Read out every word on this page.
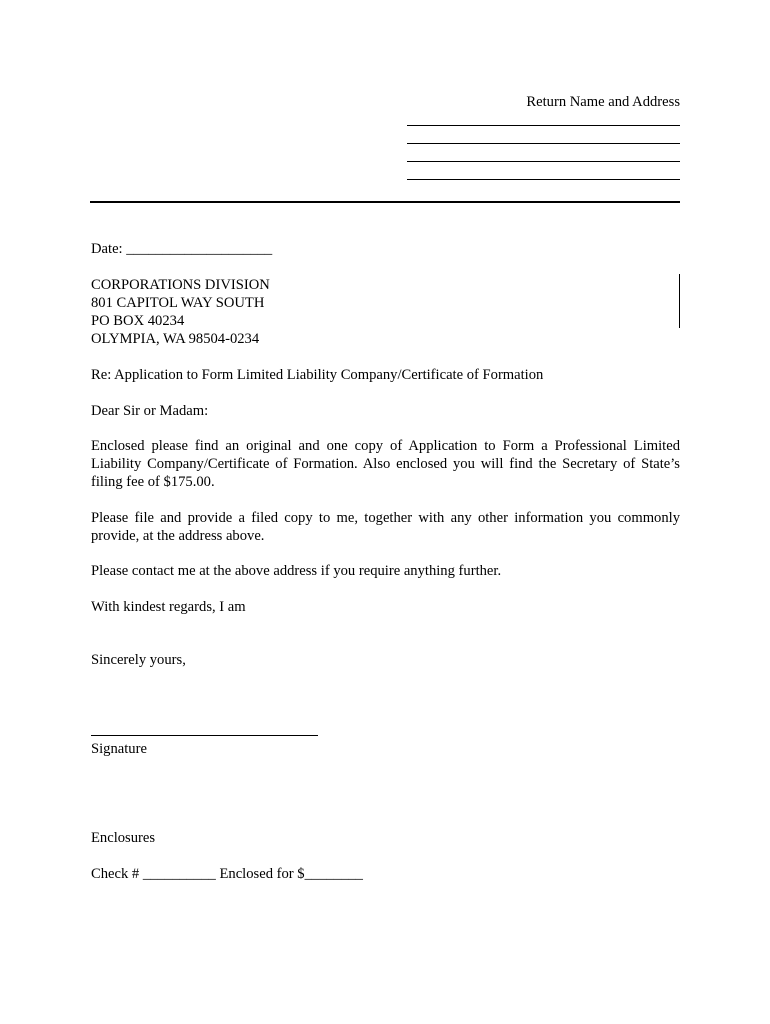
Return Name and Address
Date: ____________________
CORPORATIONS DIVISION
801 CAPITOL WAY SOUTH
PO BOX 40234
OLYMPIA, WA 98504-0234
Re: Application to Form Limited Liability Company/Certificate of Formation
Dear Sir or Madam:
Enclosed please find an original and one copy of Application to Form a Professional Limited
Liability Company/Certificate of Formation. Also enclosed you will find the Secretary of State’s
filing fee of $175.00.
Please file and provide a filed copy to me, together with any other information you commonly
provide, at the address above.
Please contact me at the above address if you require anything further.
With kindest regards, I am
Sincerely yours,
Signature
Enclosures
Check # __________ Enclosed for $________
